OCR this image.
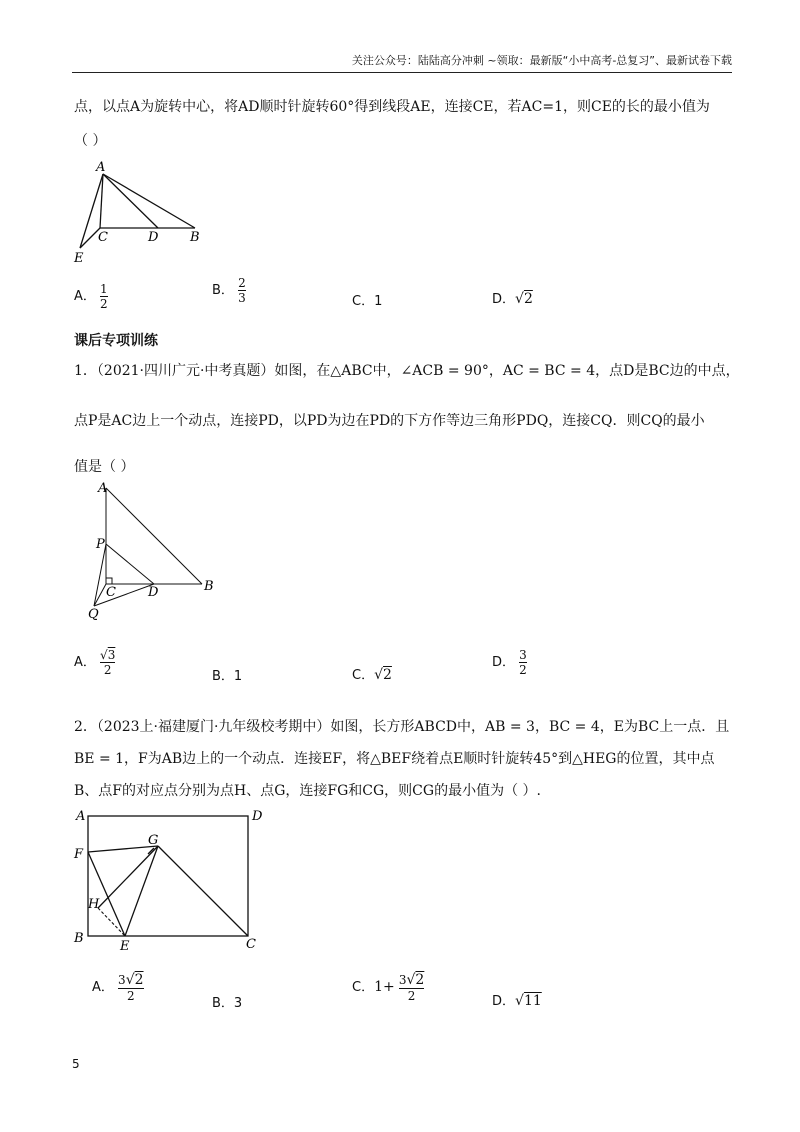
关注公众号：陆陆高分冲刺 ~领取：最新版“小中高考-总复习”、最新试卷下载
点，以点A为旋转中心，将AD顺时针旋转60°得到线段AE，连接CE，若AC=1，则CE的长的最小值为
（ ）
A
C	D B
E
A． $\frac{1}{2}$	B． $\frac{2}{3}$	C．1	D．√2
课后专项训练
1．（2021·四川广元·中考真题）如图，在△ABC中，∠ACB = 90°，AC = BC = 4，点D是BC边的中点，
点P是AC边上一个动点，连接PD，以PD为边在PD的下方作等边三角形PDQ，连接CQ．则CQ的最小
值是（ ）
A
P
C D	B
Q
A． $\frac{√3}{2}$	B．1	C．√2
D． $\frac{3}{2}$
2．（2023上·福建厦门·九年级校考期中）如图，长方形ABCD中，AB = 3，BC = 4，E为BC上一点．且
BE = 1，F为AB边上的一个动点．连接EF，将△BEF绕着点E顺时针旋转45°到△HEG的位置，其中点
B、点F的对应点分别为点H、点G，连接FG和CG，则CG的最小值为（ ）.
A	D
F
G
H
B
E	C
A． $\frac{3√2}{2}$
B．3
C．$1+ \frac{3√2}{2}$	D．√11
5
